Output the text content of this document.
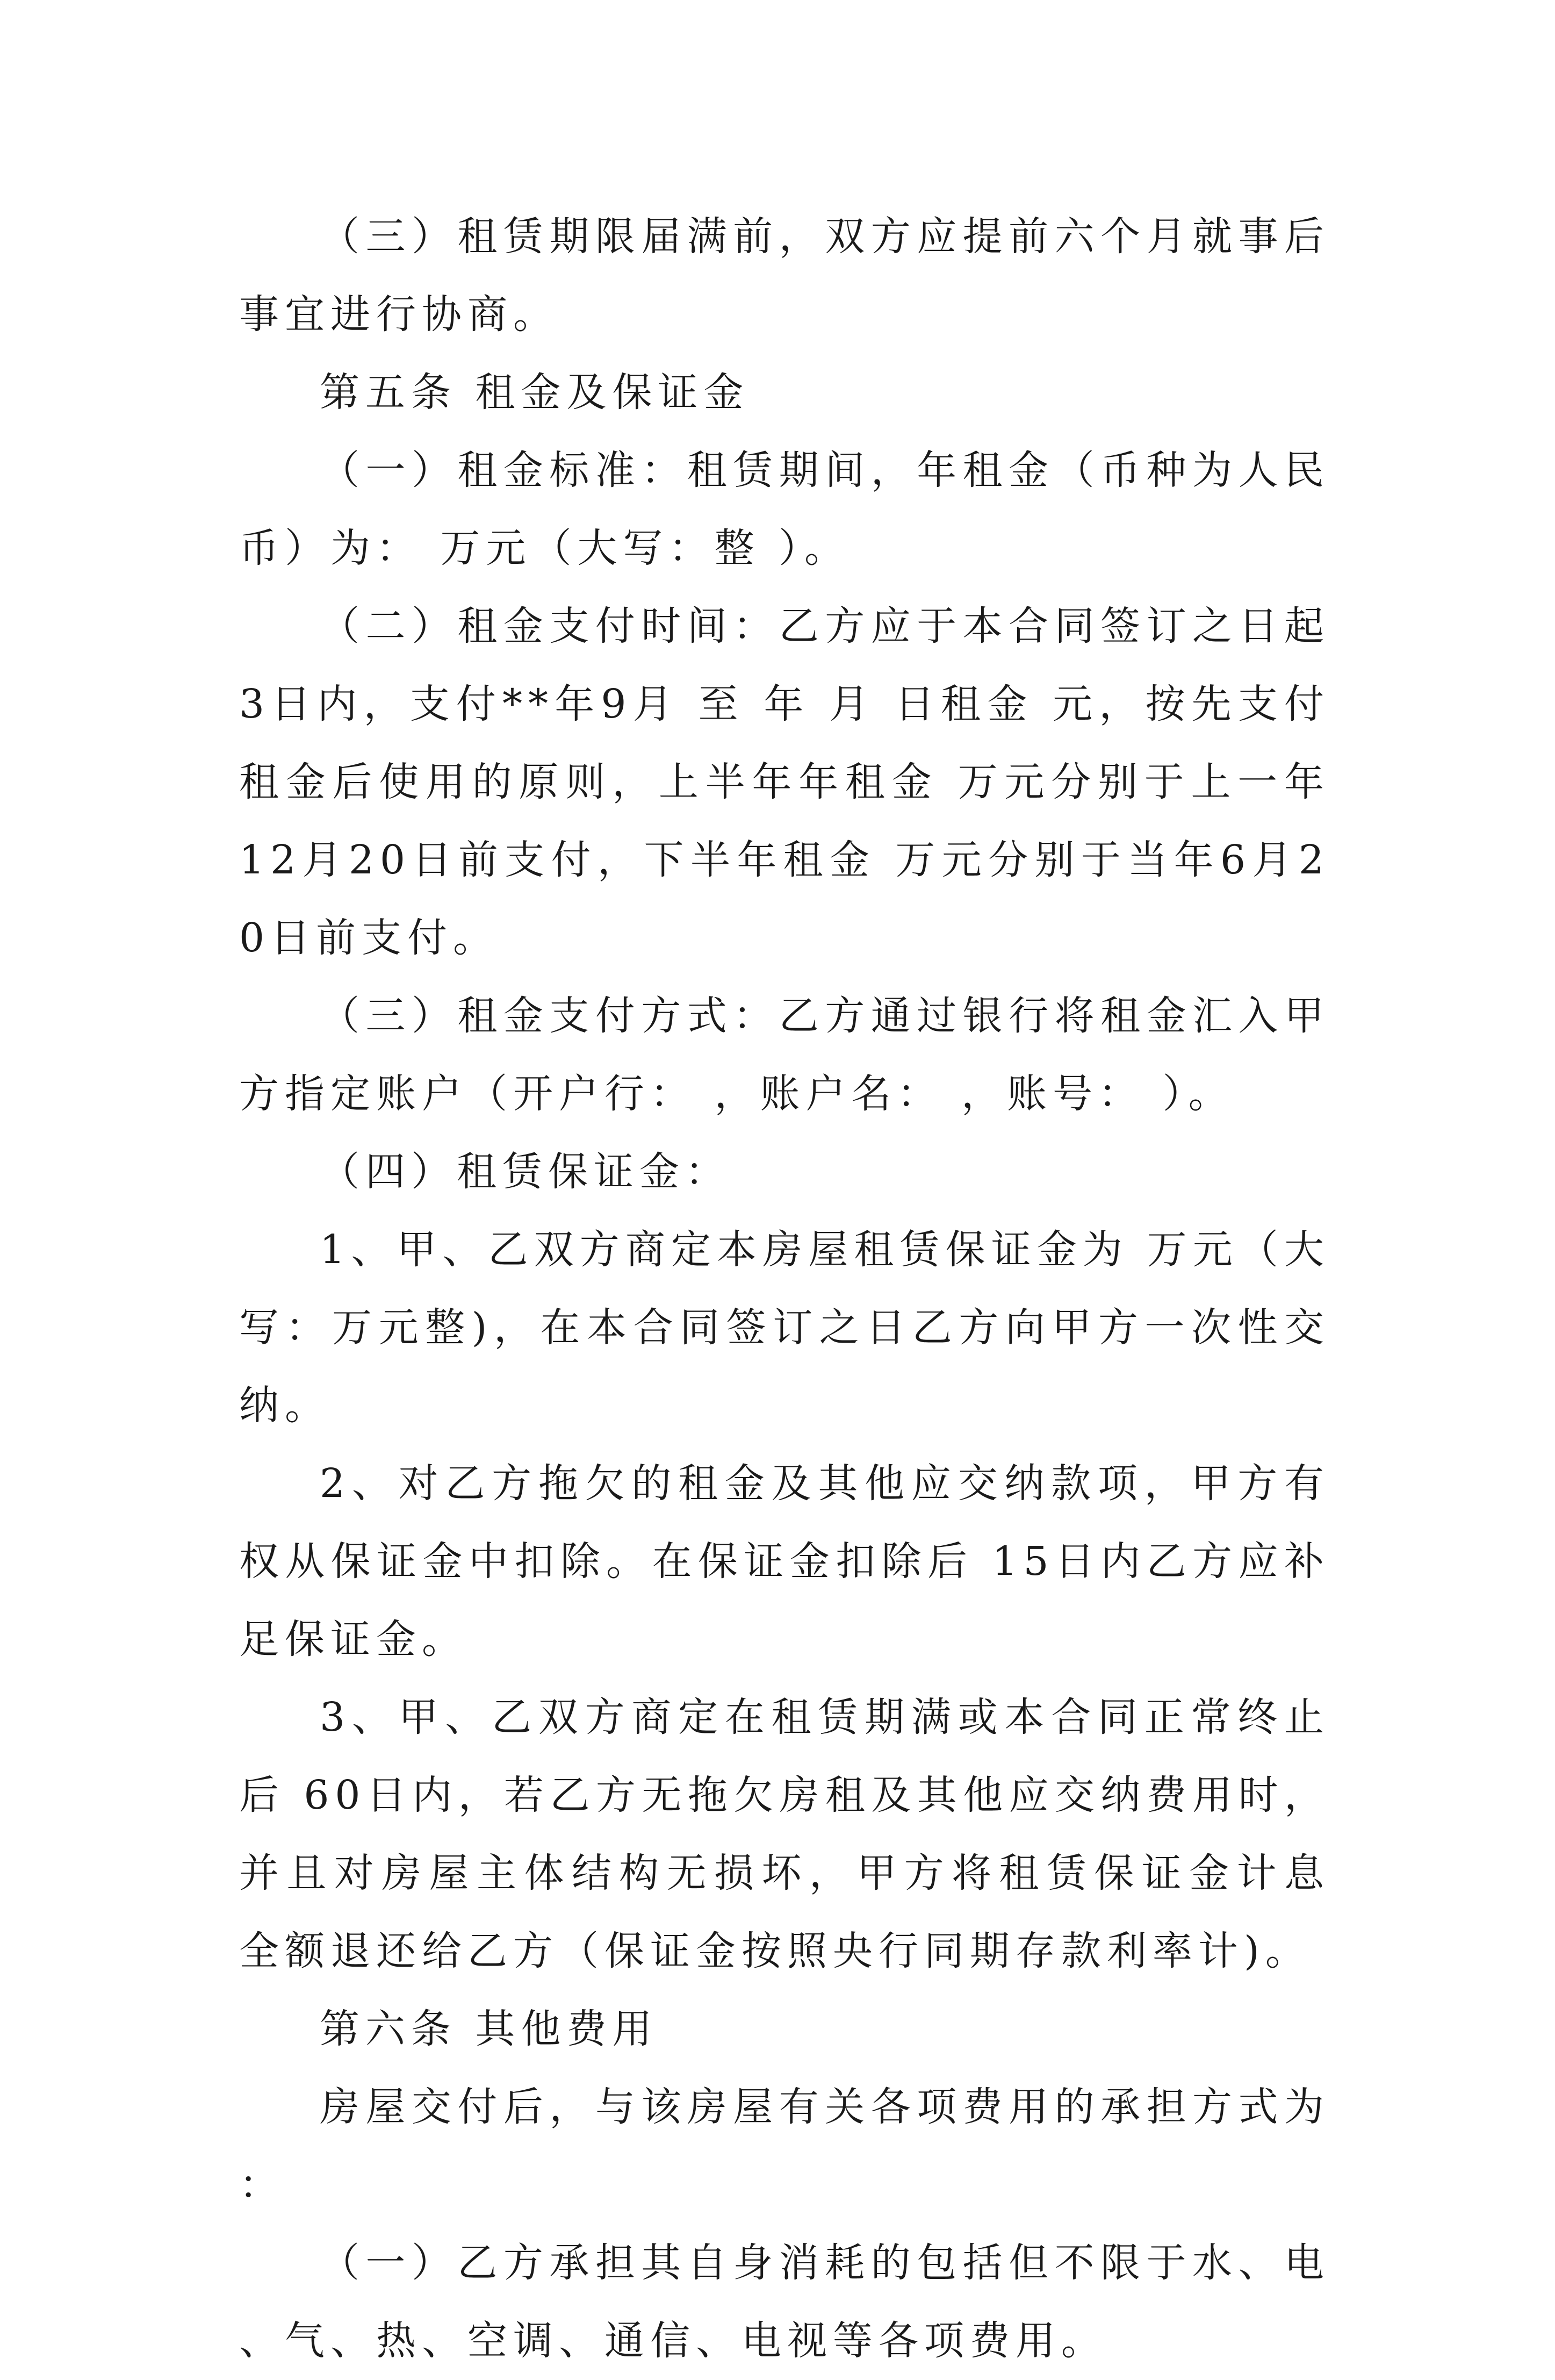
（三）租赁期限届满前，双方应提前六个月就事后事宜进行协商。

第五条 租金及保证金

（一）租金标准：租赁期间，年租金（币种为人民币）为： 万元（大写：整 ）。

（二）租金支付时间：乙方应于本合同签订之日起3日内，支付**年9月 至 年 月 日租金 元，按先支付租金后使用的原则，上半年年租金 万元分别于上一年12月20日前支付，下半年租金 万元分别于当年6月20日前支付。

（三）租金支付方式：乙方通过银行将租金汇入甲方指定账户（开户行： ，账户名： ，账号： ）。

（四）租赁保证金：

1、甲、乙双方商定本房屋租赁保证金为 万元（大写：万元整)，在本合同签订之日乙方向甲方一次性交纳。

2、对乙方拖欠的租金及其他应交纳款项，甲方有权从保证金中扣除。在保证金扣除后 15日内乙方应补足保证金。

3、甲、乙双方商定在租赁期满或本合同正常终止后 60日内，若乙方无拖欠房租及其他应交纳费用时，并且对房屋主体结构无损坏，甲方将租赁保证金计息全额退还给乙方（保证金按照央行同期存款利率计)。

第六条 其他费用

房屋交付后，与该房屋有关各项费用的承担方式为：

（一）乙方承担其自身消耗的包括但不限于水、电、气、热、空调、通信、电视等各项费用。
